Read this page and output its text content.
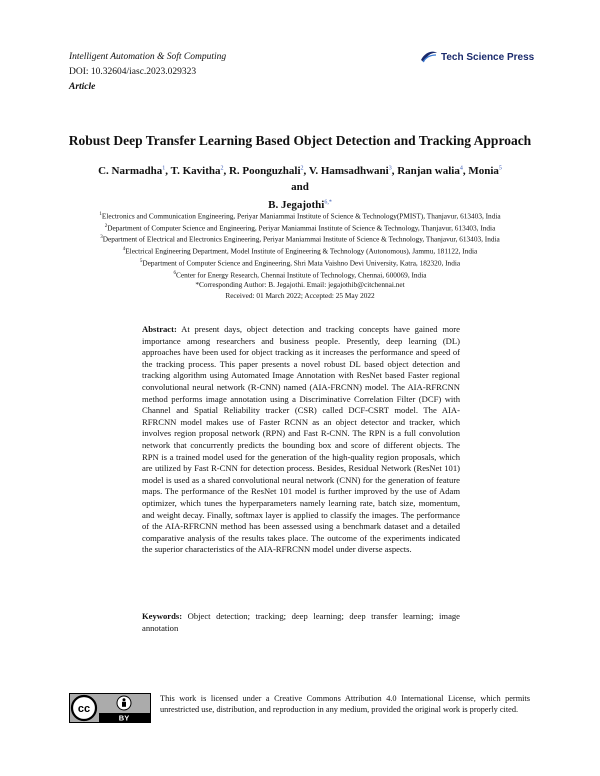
Intelligent Automation & Soft Computing
DOI: 10.32604/iasc.2023.029323
Article
Tech Science Press
Robust Deep Transfer Learning Based Object Detection and Tracking Approach
C. Narmadha$^1$, T. Kavitha$^2$, R. Poonguzhali$^2$, V. Hamsadhwani$^3$, Ranjan walia$^4$, Monia$^5$ and
B. Jegajothi$^{6,*}$
$^1$Electronics and Communication Engineering, Periyar Maniammai Institute of Science & Technology(PMIST), Thanjavur, 613403, India
$^2$Department of Computer Science and Engineering, Periyar Maniammai Institute of Science & Technology, Thanjavur, 613403, India
$^3$Department of Electrical and Electronics Engineering, Periyar Maniammai Institute of Science & Technology, Thanjavur, 613403, India
$^4$Electrical Engineering Department, Model Institute of Engineering & Technology (Autonomous), Jammu, 181122, India
$^5$Department of Computer Science and Engineering, Shri Mata Vaishno Devi University, Katra, 182320, India
$^6$Center for Energy Research, Chennai Institute of Technology, Chennai, 600069, India
*Corresponding Author: B. Jegajothi. Email: jegajothib@citchennai.net
Received: 01 March 2022; Accepted: 25 May 2022
Abstract: At present days, object detection and tracking concepts have gained more importance among researchers and business people. Presently, deep learning (DL) approaches have been used for object tracking as it increases the performance and speed of the tracking process. This paper presents a novel robust DL based object detection and tracking algorithm using Automated Image Annotation with ResNet based Faster regional convolutional neural network (R-CNN) named (AIA-FRCNN) model. The AIA-RFRCNN method performs image annotation using a Discriminative Correlation Filter (DCF) with Channel and Spatial Reliability tracker (CSR) called DCF-CSRT model. The AIA-RFRCNN model makes use of Faster RCNN as an object detector and tracker, which involves region proposal network (RPN) and Fast R-CNN. The RPN is a full convolution network that concurrently predicts the bounding box and score of different objects. The RPN is a trained model used for the generation of the high-quality region proposals, which are utilized by Fast R-CNN for detection process. Besides, Residual Network (ResNet 101) model is used as a shared convolutional neural network (CNN) for the generation of feature maps. The performance of the ResNet 101 model is further improved by the use of Adam optimizer, which tunes the hyperparameters namely learning rate, batch size, momentum, and weight decay. Finally, softmax layer is applied to classify the images. The performance of the AIA-RFRCNN method has been assessed using a benchmark dataset and a detailed comparative analysis of the results takes place. The outcome of the experiments indicated the superior characteristics of the AIA-RFRCNN model under diverse aspects.
Keywords: Object detection; tracking; deep learning; deep transfer learning; image annotation
cc
BY
This work is licensed under a Creative Commons Attribution 4.0 International License, which permits unrestricted use, distribution, and reproduction in any medium, provided the original work is properly cited.
